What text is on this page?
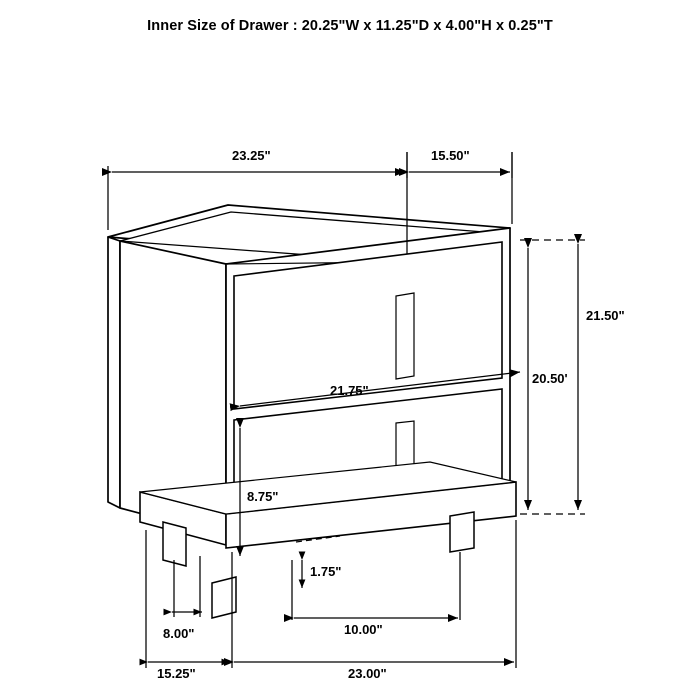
Inner Size of Drawer : 20.25"W x 11.25"D x 4.00"H x 0.25"T
23.25"	15.50"
21.50"
20.50'
21.75"
8.75"
1.75"
8.00"	10.00"
15.25"	23.00"
